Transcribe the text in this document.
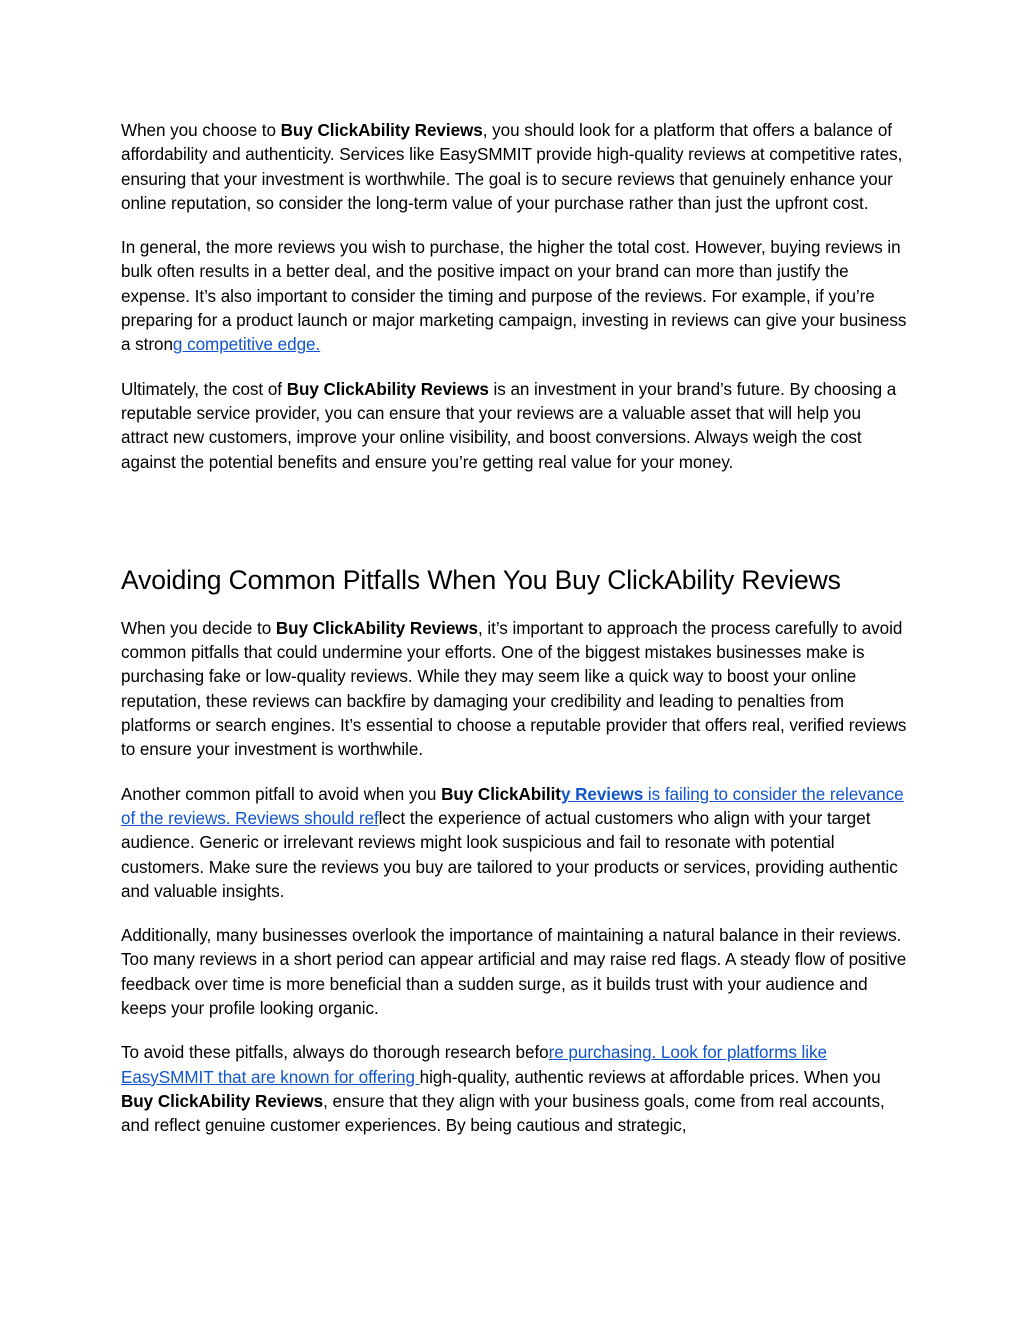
When you choose to Buy ClickAbility Reviews, you should look for a platform that offers a balance of affordability and authenticity. Services like EasySMMIT provide high-quality reviews at competitive rates, ensuring that your investment is worthwhile. The goal is to secure reviews that genuinely enhance your online reputation, so consider the long-term value of your purchase rather than just the upfront cost.

In general, the more reviews you wish to purchase, the higher the total cost. However, buying reviews in bulk often results in a better deal, and the positive impact on your brand can more than justify the expense. It’s also important to consider the timing and purpose of the reviews. For example, if you’re preparing for a product launch or major marketing campaign, investing in reviews can give your business a strong competitive edge.

Ultimately, the cost of Buy ClickAbility Reviews is an investment in your brand’s future. By choosing a reputable service provider, you can ensure that your reviews are a valuable asset that will help you attract new customers, improve your online visibility, and boost conversions. Always weigh the cost against the potential benefits and ensure you’re getting real value for your money.

Avoiding Common Pitfalls When You Buy ClickAbility Reviews

When you decide to Buy ClickAbility Reviews, it’s important to approach the process carefully to avoid common pitfalls that could undermine your efforts. One of the biggest mistakes businesses make is purchasing fake or low-quality reviews. While they may seem like a quick way to boost your online reputation, these reviews can backfire by damaging your credibility and leading to penalties from platforms or search engines. It’s essential to choose a reputable provider that offers real, verified reviews to ensure your investment is worthwhile.

Another common pitfall to avoid when you Buy ClickAbility Reviews is failing to consider the relevance of the reviews. Reviews should reflect the experience of actual customers who align with your target audience. Generic or irrelevant reviews might look suspicious and fail to resonate with potential customers. Make sure the reviews you buy are tailored to your products or services, providing authentic and valuable insights.

Additionally, many businesses overlook the importance of maintaining a natural balance in their reviews. Too many reviews in a short period can appear artificial and may raise red flags. A steady flow of positive feedback over time is more beneficial than a sudden surge, as it builds trust with your audience and keeps your profile looking organic.

To avoid these pitfalls, always do thorough research before purchasing. Look for platforms like EasySMMIT that are known for offering high-quality, authentic reviews at affordable prices. When you Buy ClickAbility Reviews, ensure that they align with your business goals, come from real accounts, and reflect genuine customer experiences. By being cautious and strategic,
